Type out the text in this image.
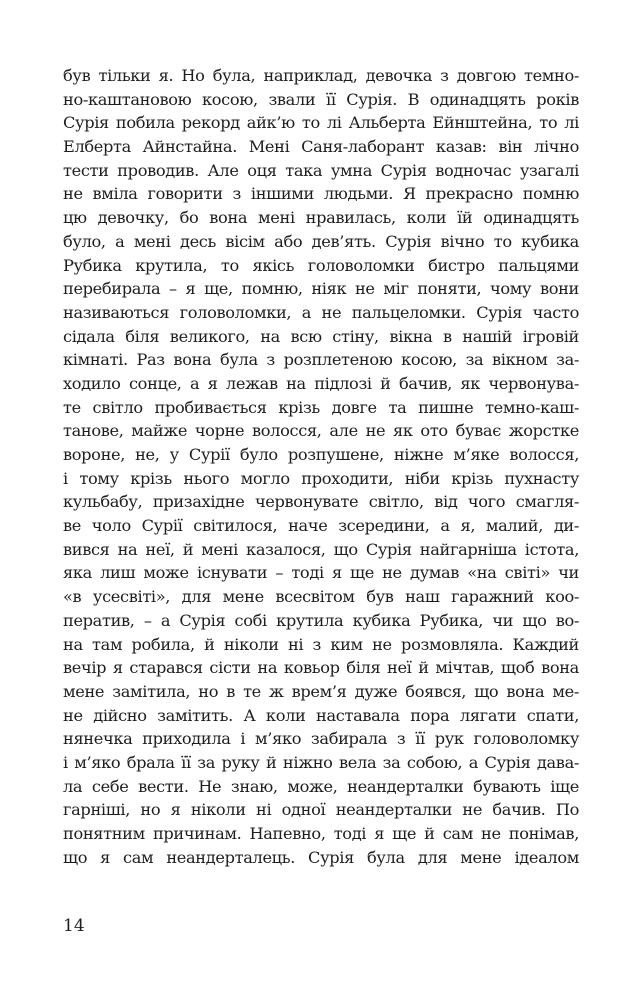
був тільки я. Но була, наприклад, девочка з довгою темно-
но-каштановою косою, звали її Сурія. В одинадцять років
Сурія побила рекорд айк’ю то лі Альберта Ейнштейна, то лі
Елберта Айнстайна. Мені Саня-лаборант казав: він лічно
тести проводив. Але оця така умна Сурія водночас узагалі
не вміла говорити з іншими людьми. Я прекрасно помню
цю девочку, бо вона мені нравилась, коли їй одинадцять
було, а мені десь вісім або дев’ять. Сурія вічно то кубика
Рубика крутила, то якісь головоломки бистро пальцями
перебирала – я ще, помню, ніяк не міг поняти, чому вони
називаються головоломки, а не пальцеломки. Сурія часто
сідала біля великого, на всю стіну, вікна в нашій ігровій
кімнаті. Раз вона була з розплетеною косою, за вікном за-
ходило сонце, а я лежав на підлозі й бачив, як червонува-
те світло пробивається крізь довге та пишне темно-каш-
танове, майже чорне волосся, але не як ото буває жорстке
вороне, не, у Сурії було розпушене, ніжне м’яке волосся,
і тому крізь нього могло проходити, ніби крізь пухнасту
кульбабу, призахідне червонувате світло, від чого смагля-
ве чоло Сурії світилося, наче зсередини, а я, малий, ди-
вився на неї, й мені казалося, що Сурія найгарніша істота,
яка лиш може існувати – тоді я ще не думав «на світі» чи
«в усесвіті», для мене всесвітом був наш гаражний коо-
ператив, – а Сурія собі крутила кубика Рубика, чи що во-
на там робила, й ніколи ні з ким не розмовляла. Каждий
вечір я старався сісти на ковьор біля неї й мічтав, щоб вона
мене замітила, но в те ж врем’я дуже боявся, що вона ме-
не дійсно замітить. А коли наставала пора лягати спати,
нянечка приходила і м’яко забирала з її рук головоломку
і м’яко брала її за руку й ніжно вела за собою, а Сурія дава-
ла себе вести. Не знаю, може, неандерталки бувають іще
гарніші, но я ніколи ні одної неандерталки не бачив. По
понятним причинам. Напевно, тоді я ще й сам не понімав,
що я сам неандерталець. Сурія була для мене ідеалом
14
